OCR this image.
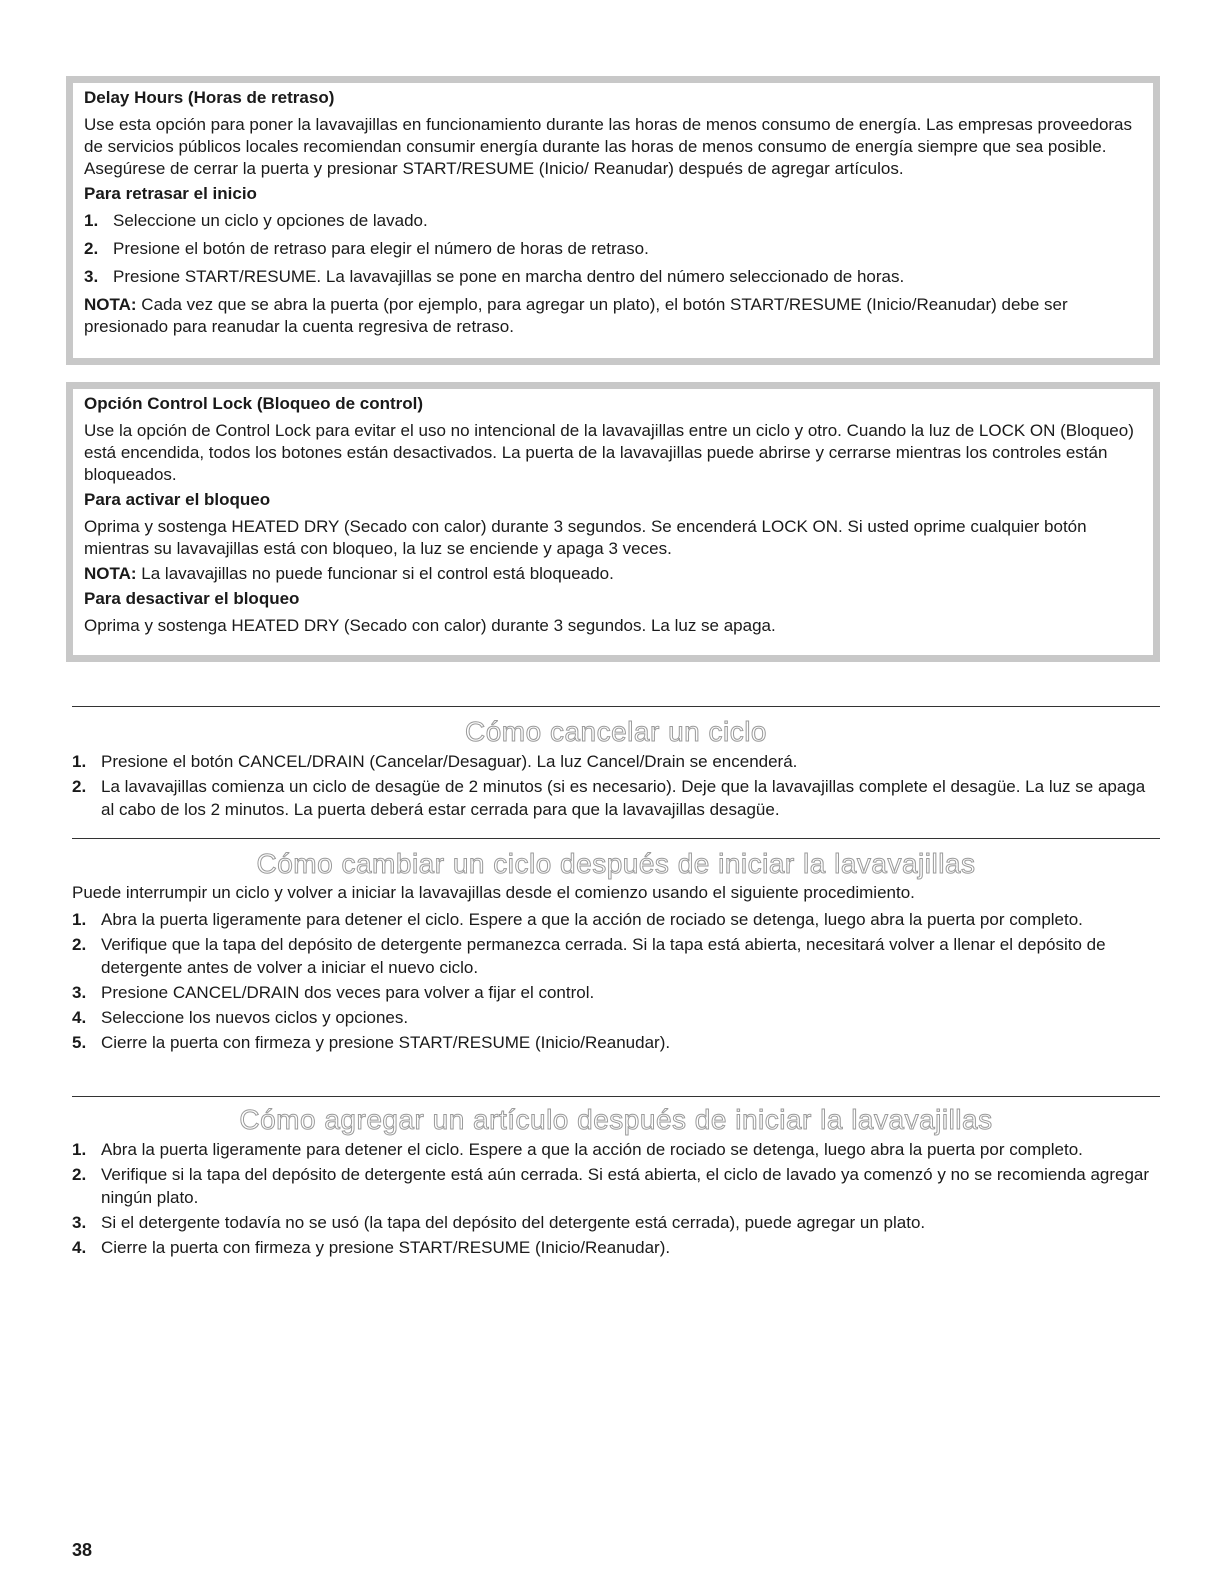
Delay Hours (Horas de retraso)
Use esta opción para poner la lavavajillas en funcionamiento durante las horas de menos consumo de energía. Las empresas proveedoras de servicios públicos locales recomiendan consumir energía durante las horas de menos consumo de energía siempre que sea posible. Asegúrese de cerrar la puerta y presionar START/RESUME (Inicio/ Reanudar) después de agregar artículos.
Para retrasar el inicio
1. Seleccione un ciclo y opciones de lavado.
2. Presione el botón de retraso para elegir el número de horas de retraso.
3. Presione START/RESUME. La lavavajillas se pone en marcha dentro del número seleccionado de horas.
NOTA: Cada vez que se abra la puerta (por ejemplo, para agregar un plato), el botón START/RESUME (Inicio/Reanudar) debe ser presionado para reanudar la cuenta regresiva de retraso.
Opción Control Lock (Bloqueo de control)
Use la opción de Control Lock para evitar el uso no intencional de la lavavajillas entre un ciclo y otro. Cuando la luz de LOCK ON (Bloqueo) está encendida, todos los botones están desactivados. La puerta de la lavavajillas puede abrirse y cerrarse mientras los controles están bloqueados.
Para activar el bloqueo
Oprima y sostenga HEATED DRY (Secado con calor) durante 3 segundos. Se encenderá LOCK ON. Si usted oprime cualquier botón mientras su lavavajillas está con bloqueo, la luz se enciende y apaga 3 veces.
NOTA: La lavavajillas no puede funcionar si el control está bloqueado.
Para desactivar el bloqueo
Oprima y sostenga HEATED DRY (Secado con calor) durante 3 segundos. La luz se apaga.
Cómo cancelar un ciclo
1. Presione el botón CANCEL/DRAIN (Cancelar/Desaguar). La luz Cancel/Drain se encenderá.
2. La lavavajillas comienza un ciclo de desagüe de 2 minutos (si es necesario). Deje que la lavavajillas complete el desagüe. La luz se apaga al cabo de los 2 minutos. La puerta deberá estar cerrada para que la lavavajillas desagüe.
Cómo cambiar un ciclo después de iniciar la lavavajillas
Puede interrumpir un ciclo y volver a iniciar la lavavajillas desde el comienzo usando el siguiente procedimiento.
1. Abra la puerta ligeramente para detener el ciclo. Espere a que la acción de rociado se detenga, luego abra la puerta por completo.
2. Verifique que la tapa del depósito de detergente permanezca cerrada. Si la tapa está abierta, necesitará volver a llenar el depósito de detergente antes de volver a iniciar el nuevo ciclo.
3. Presione CANCEL/DRAIN dos veces para volver a fijar el control.
4. Seleccione los nuevos ciclos y opciones.
5. Cierre la puerta con firmeza y presione START/RESUME (Inicio/Reanudar).
Cómo agregar un artículo después de iniciar la lavavajillas
1. Abra la puerta ligeramente para detener el ciclo. Espere a que la acción de rociado se detenga, luego abra la puerta por completo.
2. Verifique si la tapa del depósito de detergente está aún cerrada. Si está abierta, el ciclo de lavado ya comenzó y no se recomienda agregar ningún plato.
3. Si el detergente todavía no se usó (la tapa del depósito del detergente está cerrada), puede agregar un plato.
4. Cierre la puerta con firmeza y presione START/RESUME (Inicio/Reanudar).
38
